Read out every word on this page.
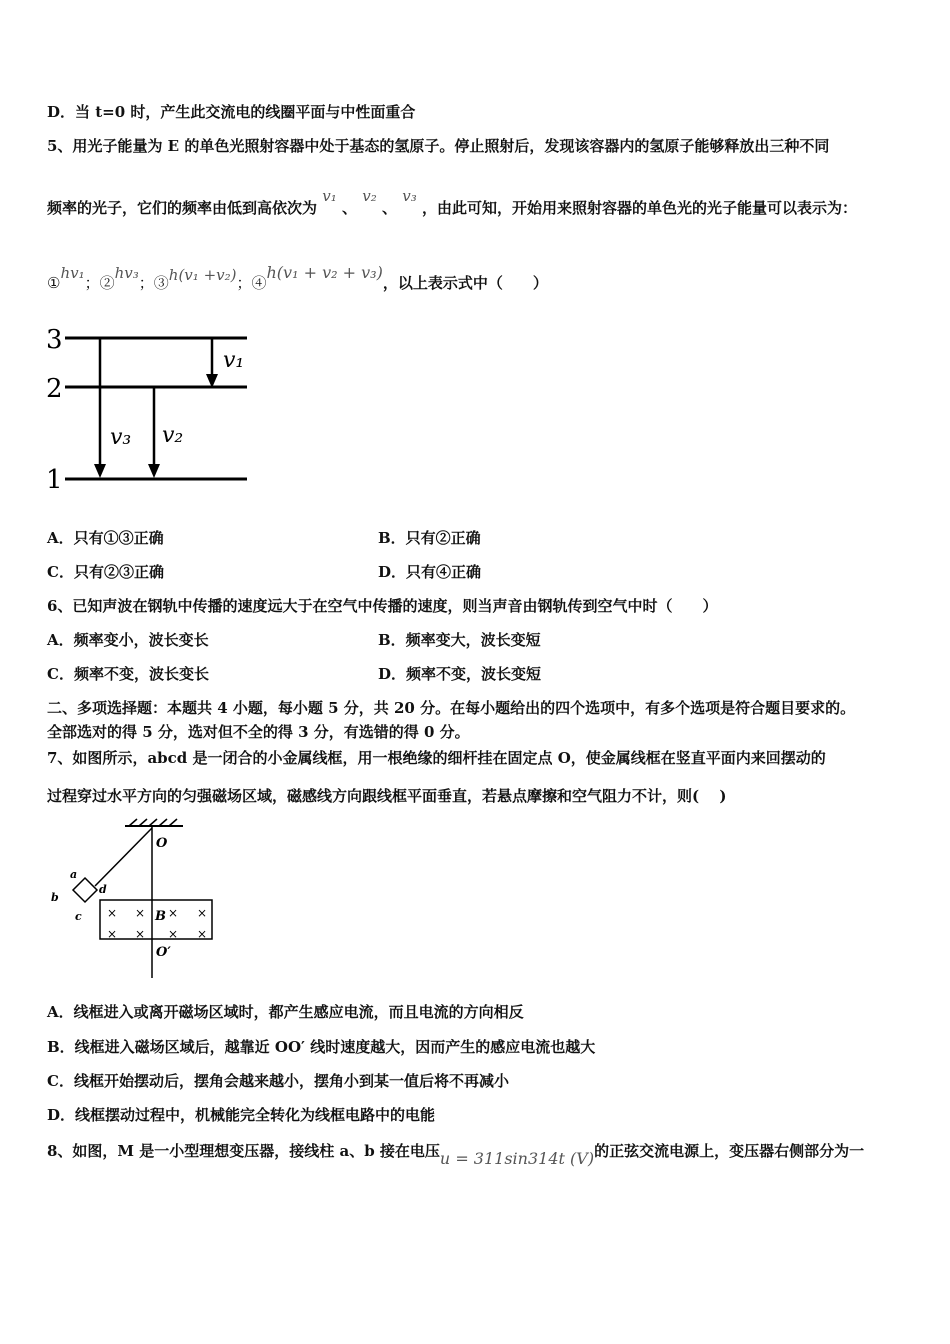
D．当 t=0 时，产生此交流电的线圈平面与中性面重合
5、用光子能量为 E 的单色光照射容器中处于基态的氢原子。停止照射后，发现该容器内的氢原子能够释放出三种不同
频率的光子，它们的频率由低到高依次为 v₁ 、 v₂ 、 v₃ ，由此可知，开始用来照射容器的单色光的光子能量可以表示为：
①hv₁；②hv₃；③h(v₁ +v₂)；④h(v₁ + v₂ + v₃)，以上表示式中（　　）
3
2
1
v₁
v₃ v₂
A．只有①③正确	B．只有②正确
C．只有②③正确	D．只有④正确
6、已知声波在钢轨中传播的速度远大于在空气中传播的速度，则当声音由钢轨传到空气中时（　　）
A．频率变小，波长变长	B．频率变大，波长变短
C．频率不变，波长变长	D．频率不变，波长变短
二、多项选择题：本题共 4 小题，每小题 5 分，共 20 分。在每小题给出的四个选项中，有多个选项是符合题目要求的。
全部选对的得 5 分，选对但不全的得 3 分，有选错的得 0 分。
7、如图所示，abcd 是一闭合的小金属线框，用一根绝缘的细杆挂在固定点 O，使金属线框在竖直平面内来回摆动的
过程穿过水平方向的匀强磁场区域，磁感线方向跟线框平面垂直，若悬点摩擦和空气阻力不计，则(　 )
× × × ×
× × × ×
O
O′
B
a
b
c
d
A．线框进入或离开磁场区域时，都产生感应电流，而且电流的方向相反
B．线框进入磁场区域后，越靠近 OO′ 线时速度越大，因而产生的感应电流也越大
C．线框开始摆动后，摆角会越来越小，摆角小到某一值后将不再减小
D．线框摆动过程中，机械能完全转化为线框电路中的电能
8、如图，M 是一小型理想变压器，接线柱 a、b 接在电压u = 311sin314t (V)的正弦交流电源上，变压器右侧部分为一
